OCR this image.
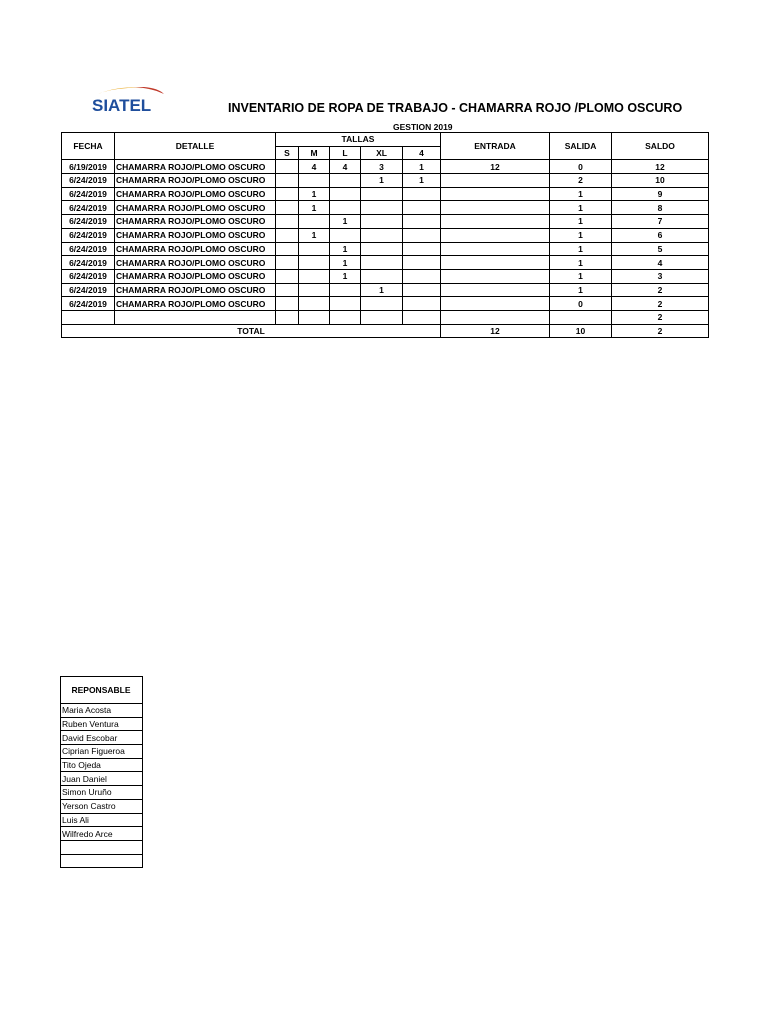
SIATEL	INVENTARIO DE ROPA DE TRABAJO - CHAMARRA ROJO /PLOMO OSCURO
GESTION 2019
FECHA	DETALLE	TALLAS					ENTRADA	SALIDA	SALDO
		S	M	L	XL	4			
6/19/2019	CHAMARRA ROJO/PLOMO OSCURO		4	4	3	1	12	0	12
6/24/2019	CHAMARRA ROJO/PLOMO OSCURO				1	1		2	10
6/24/2019	CHAMARRA ROJO/PLOMO OSCURO		1					1	9
6/24/2019	CHAMARRA ROJO/PLOMO OSCURO		1					1	8
6/24/2019	CHAMARRA ROJO/PLOMO OSCURO			1				1	7
6/24/2019	CHAMARRA ROJO/PLOMO OSCURO		1					1	6
6/24/2019	CHAMARRA ROJO/PLOMO OSCURO			1				1	5
6/24/2019	CHAMARRA ROJO/PLOMO OSCURO			1				1	4
6/24/2019	CHAMARRA ROJO/PLOMO OSCURO			1				1	3
6/24/2019	CHAMARRA ROJO/PLOMO OSCURO				1			1	2
6/24/2019	CHAMARRA ROJO/PLOMO OSCURO							0	2
									2
TOTAL							12	10	2
REPONSABLE
Maria Acosta
Ruben Ventura
David Escobar
Ciprian Figueroa
Tito Ojeda
Juan Daniel
Simon Uruño
Yerson Castro
Luis Ali
Wilfredo Arce
